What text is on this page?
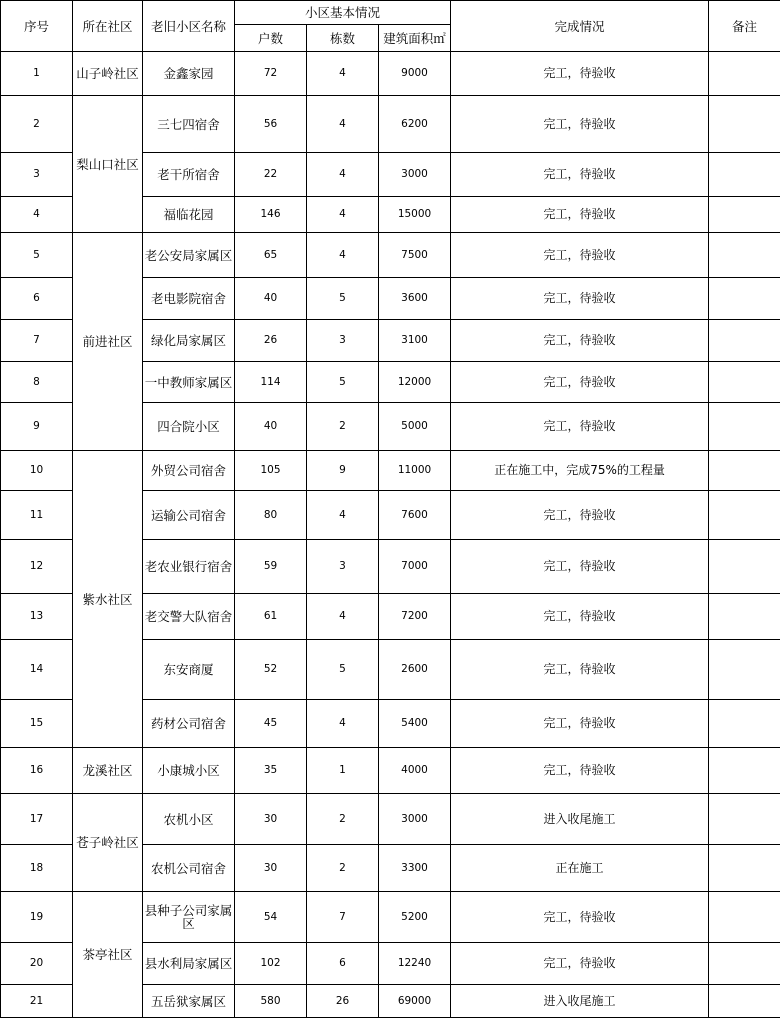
序号	所在社区	老旧小区名称	小区基本情况			完成情况	备注
			户数	栋数	建筑面积㎡		
1	山子岭社区	金鑫家园	72	4	9000	完工，待验收	
2	梨山口社区	三七四宿舍	56	4	6200	完工，待验收	
3		老干所宿舍	22	4	3000	完工，待验收	
4		福临花园	146	4	15000	完工，待验收	
5	前进社区	老公安局家属区	65	4	7500	完工，待验收	
6		老电影院宿舍	40	5	3600	完工，待验收	
7		绿化局家属区	26	3	3100	完工，待验收	
8		一中教师家属区	114	5	12000	完工，待验收	
9		四合院小区	40	2	5000	完工，待验收	
10	紫水社区	外贸公司宿舍	105	9	11000	正在施工中，完成75%的工程量	
11		运输公司宿舍	80	4	7600	完工，待验收	
12		老农业银行宿舍	59	3	7000	完工，待验收	
13		老交警大队宿舍	61	4	7200	完工，待验收	
14		东安商厦	52	5	2600	完工，待验收	
15		药材公司宿舍	45	4	5400	完工，待验收	
16	龙溪社区	小康城小区	35	1	4000	完工，待验收	
17	苍子岭社区	农机小区	30	2	3000	进入收尾施工	
18		农机公司宿舍	30	2	3300	正在施工	
19	茶亭社区	县种子公司家属区	54	7	5200	完工，待验收	
20		县水利局家属区	102	6	12240	完工，待验收	
21		五岳狱家属区	580	26	69000	进入收尾施工	
